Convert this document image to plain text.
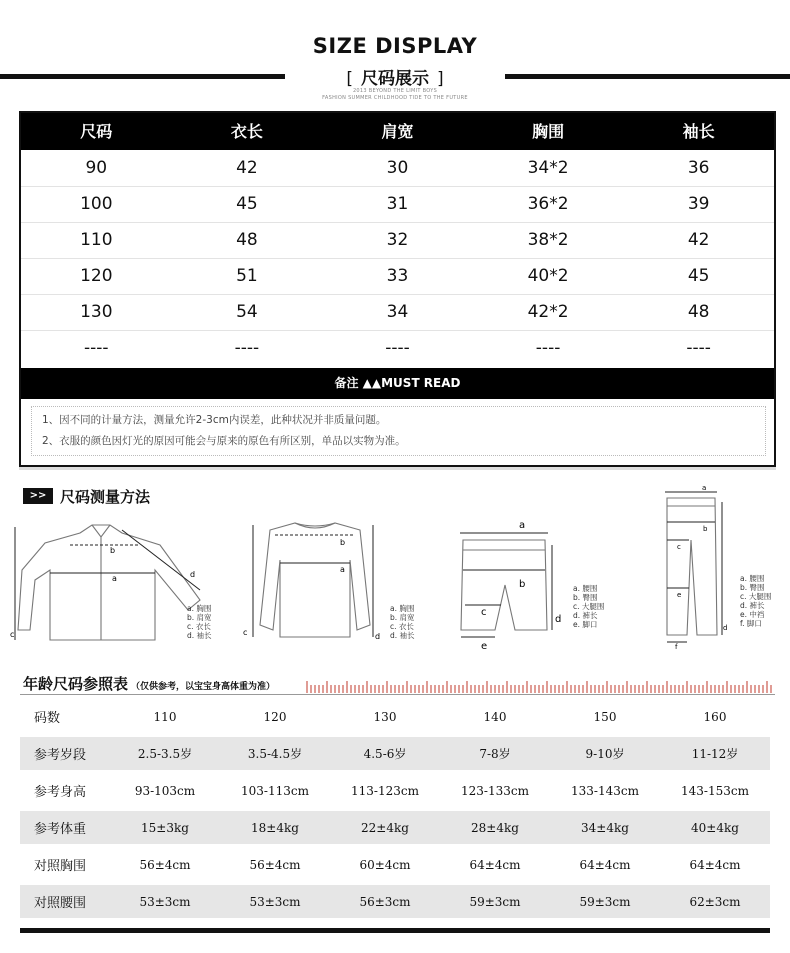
SIZE DISPLAY
[ 尺码展示 ]
2013 BEYOND THE LIMIT BOYS
FASHION SUMMER CHILDHOOD TIDE TO THE FUTURE
尺码	衣长	肩宽	胸围	袖长
90	42	30	34*2	36
100	45	31	36*2	39
110	48	32	38*2	42
120	51	33	40*2	45
130	54	34	42*2	48
----	----	----	----	----
备注 ▲▲MUST READ

1、因不同的计量方法，测量允许2-3cm内误差，此种状况并非质量问题。

2、衣服的颜色因灯光的原因可能会与原来的原色有所区别，单品以实物为准。

>> 尺码测量方法
b
a	d
c
a. 胸围
b. 肩宽
c. 衣长
d. 袖长
b
a
c	d
a. 胸围
b. 肩宽
c. 衣长
d. 袖长
a
b
c
d
e
a. 腰围
b. 臀围
c. 大腿围
d. 裤长
e. 脚口
a
b
c
e
d
f
a. 腰围
b. 臀围
c. 大腿围
d. 裤长
e. 中裆
f. 脚口
年龄尺码参照表 （仅供参考，以宝宝身高体重为准）
码数	110	120	130	140	150	160
参考岁段	2.5-3.5岁	3.5-4.5岁	4.5-6岁	7-8岁	9-10岁	11-12岁
参考身高	93-103cm	103-113cm	113-123cm	123-133cm	133-143cm	143-153cm
参考体重	15±3kg	18±4kg	22±4kg	28±4kg	34±4kg	40±4kg
对照胸围	56±4cm	56±4cm	60±4cm	64±4cm	64±4cm	64±4cm
对照腰围	53±3cm	53±3cm	56±3cm	59±3cm	59±3cm	62±3cm
